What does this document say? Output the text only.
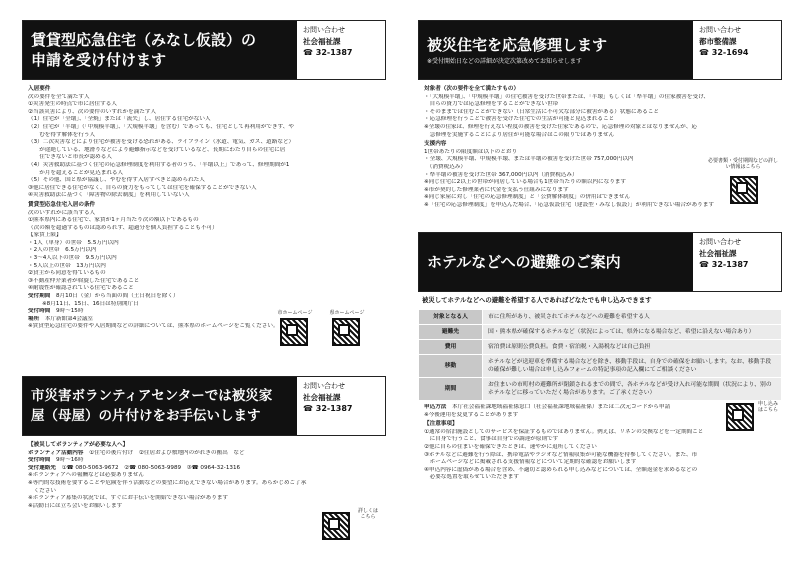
賃貸型応急住宅（みなし仮設）の
申請を受け付けます
お問い合わせ
社会福祉課
☎ 32-1387
入居要件
次の要件を全て満たす人
①災害発生の時点で市に居住する人
②当該災害により、次の要件のいずれかを満たす人
（1）住宅が「全壊」、「全焼」または「流失」し、居住する住宅がない人
（2）住宅が「半壊」（「中規模半壊」、「大規模半壊」を含む）であっても、住宅として再利用ができず、や
　　むを得ず解体を行う人
（3）二次災害などにより住宅が被害を受ける恐れがある、ライフライン（水道、電気、ガス、道路など）
　　が途絶している、地滑りなどにより避難指示などを受けているなど、長期にわたり自らの住宅に居
　　住できないと市長が認める人
（4）災害救助法に基づく住宅の応急修理制度を利用する者のうち、「半壊以上」であって、修理期間が1
　　か月を超えることが見込まれる人
（5）その他、国と県が協議し、やむを得ず入居すべきと認められた人
③他に居住できる住宅がなく、自らの資力をもってしては住宅を確保することができない人
④災害救助法に基づく「障害物の除去制度」を利用していない人
賃貸型応急住宅入居の条件
次のいずれかに該当する人
①熊本県内にある住宅で、家賃が1ヶ月当たり次の額以下であるもの
（次の額を超過するものは認められず、超過分を個人負担することも不可）
【家賃上限】
・1人（単身）の世帯　5.5万円以内
・2人の世帯　6.5万円以内
・3～4人以下の世帯　9.5万円以内
・5人以上の世帯　13万円以内
②貸主から同意を得ているもの
③不動産仲介業者が斡旋した住宅であること
④耐震性が確認されている住宅であること
受付期間　 8月10日（金）から当面の間（土日祝日を除く）
※8月11日、15日、16日は特別開庁日
受付時間　 9時～15時
場所　 本庁新館第4会議室
※賃貸型応急住宅の要件や入居期間などの詳細については、熊本県のホームページをご覧ください。
市ホームページ	県ホームページ
市災害ボランティアセンターでは被災家
屋（母屋）の片付けをお手伝いします
お問い合わせ
社会福祉課
☎ 32-1387
【被災してボランティアが必要な人へ】
ボランティア活動内容　 ①住宅の後片付け　②住居および敷地内のがれきの搬出　など
受付時間　 9時～16時
受付連絡先　 ①☎ 080-5063-9672　②☎ 080-5063-9989　③☎ 0964-32-1316
※ボランティアへの報酬などは必要ありません
※専門的な技術を要することや危険を伴う活動などの要望にお応えできない場合があります。あらかじめご了承
　ください
※ボランティア募集の状況では、すぐにお手伝いを開始できない場合があります
※活動日には立ち会いをお願いします
詳しくはこちら
被災住宅を応急修理します
※受付開始日などの詳細が決定次第改めてお知らせします
お問い合わせ
都市整備課
☎ 32-1694
対象者（次の要件を全て満たすもの）
・「大規模半壊」、「中規模半壊」の住宅被害を受けた世帯または、「半壊」もしくは「準半壊」の住家被害を受け、
　自らの資力では応急修理をすることができない世帯
・そのままでは住むことができない（日常生活に不可欠な部分に被害がある）状態にあること
・応急修理を行うことで被害を受けた住宅での生活が可能と見込まれること
※全壊の住家は、修理を行えない程度の被害を受けた住家であるので、応急修理の対象とはなりませんが、応
　急修理を実施することにより居住が可能な場合はこの限りではありません
支援内容
1世帯あたりの限度額は以下のとおり
・全壊、大規模半壊、中規模半壊、または半壊の被害を受けた世帯 757,000円以内
　（消費税込み）
・準半壊の被害を受けた世帯 367,000円以内（消費税込み）
※同じ住宅に2以上の世帯が同居している場合も1世帯当たりの額以内になります
※市が契約した修理業者に代金を支払う仕組みになります
※同じ家屋に対し「住宅の応急修理制度」と「公費解体制度」の併用はできません
※「住宅の応急修理制度」を申込んだ場合、「応急仮設住宅（建設型・みなし仮設）」が利用できない場合があります
必要書類・受付期間などの詳しい情報はこちら
ホテルなどへの避難のご案内
お問い合わせ
社会福祉課
☎ 32-1387
被災してホテルなどへの避難を希望する人であればどなたでも申し込みできます
対象となる人	市に住所があり、被災されてホテルなどへの避難を希望する人
避難先	国・熊本県が確保するホテルなど（状況によっては、県外になる場合など、希望に沿えない場合あり）
費用	宿泊費は原則公費負担。食費・宿泊税・入湯税などは自己負担
移動	ホテルなどが送迎車を準備する場合などを除き、移動手段は、自身での確保をお願いします。なお、移動手段の確保が難しい場合は申し込みフォームの特記事項の記入欄にてご相談ください
期間	お住まいの市町村の避難所が閉鎖されるまでの間で、各ホテルなどが受け入れ可能な期間（状況により、別のホテルなどに移っていただく場合があります。ご了承ください）
申込方法　 本庁社会福祉課地域福祉係窓口（社会福祉課地域福祉係）または二次元コードから申請
※今後運用を変更することがあります
【注意事項】
①通常の宿泊施設としてのサービスを保証するものではありません。例えば、リネンの交換などを一定期間ごと
　に自身で行うこと、食事は自身での調達が原則です
②他に自らの住まいを確保できたときは、速やかに退所してください
③ホテルなどに避難を行う際は、携帯電話やラジオなど情報収集が可能な機器を持参してください。また、市
　ホームページなどに掲載される支援情報などについて定期的な確認をお願いします
④申込内容に虚偽がある場合を含め、不適切と認められる申し込みなどについては、全額返金を求めるなどの
　必要な処置を取らせていただきます
申し込みはこちら
